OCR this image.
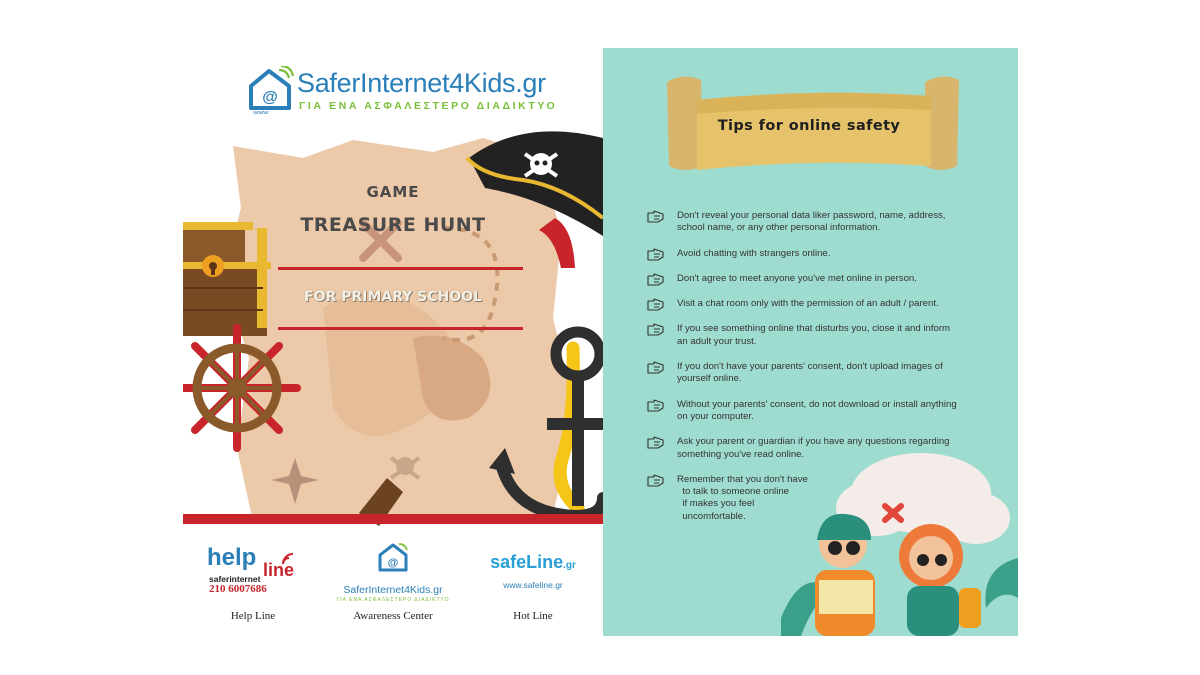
@
www
SaferInternet4Kids.gr
ΓΙΑ ΕΝΑ ΑΣΦΑΛΕΣΤΕΡΟ ΔΙΑΔΙΚΤΥΟ
GAME
TREASURE HUNT
FOR PRIMARY SCHOOL
help line
saferinternet
210 6007686
Help Line
@
SaferInternet4Kids.gr
ΓΙΑ ΕΝΑ ΑΣΦΑΛΕΣΤΕΡΟ ΔΙΑΔΙΚΤΥΟ
Awareness Center
safeLine.gr
www.safeline.gr
Hot Line
Tips for online safety
Don't reveal your personal data liker password, name, address,
school name, or any other personal information.
Avoid chatting with strangers online.
Don't agree to meet anyone you've met online in person.
Visit a chat room only with the permission of an adult / parent.
If you see something online that disturbs you, close it and inform
an adult your trust.
If you don't have your parents' consent, don't upload images of
yourself online.
Without your parents' consent, do not download or install anything
on your computer.
Ask your parent or guardian if you have any questions regarding
something you've read online.
Remember that you don't have
to talk to someone online
if makes you feel
uncomfortable.
